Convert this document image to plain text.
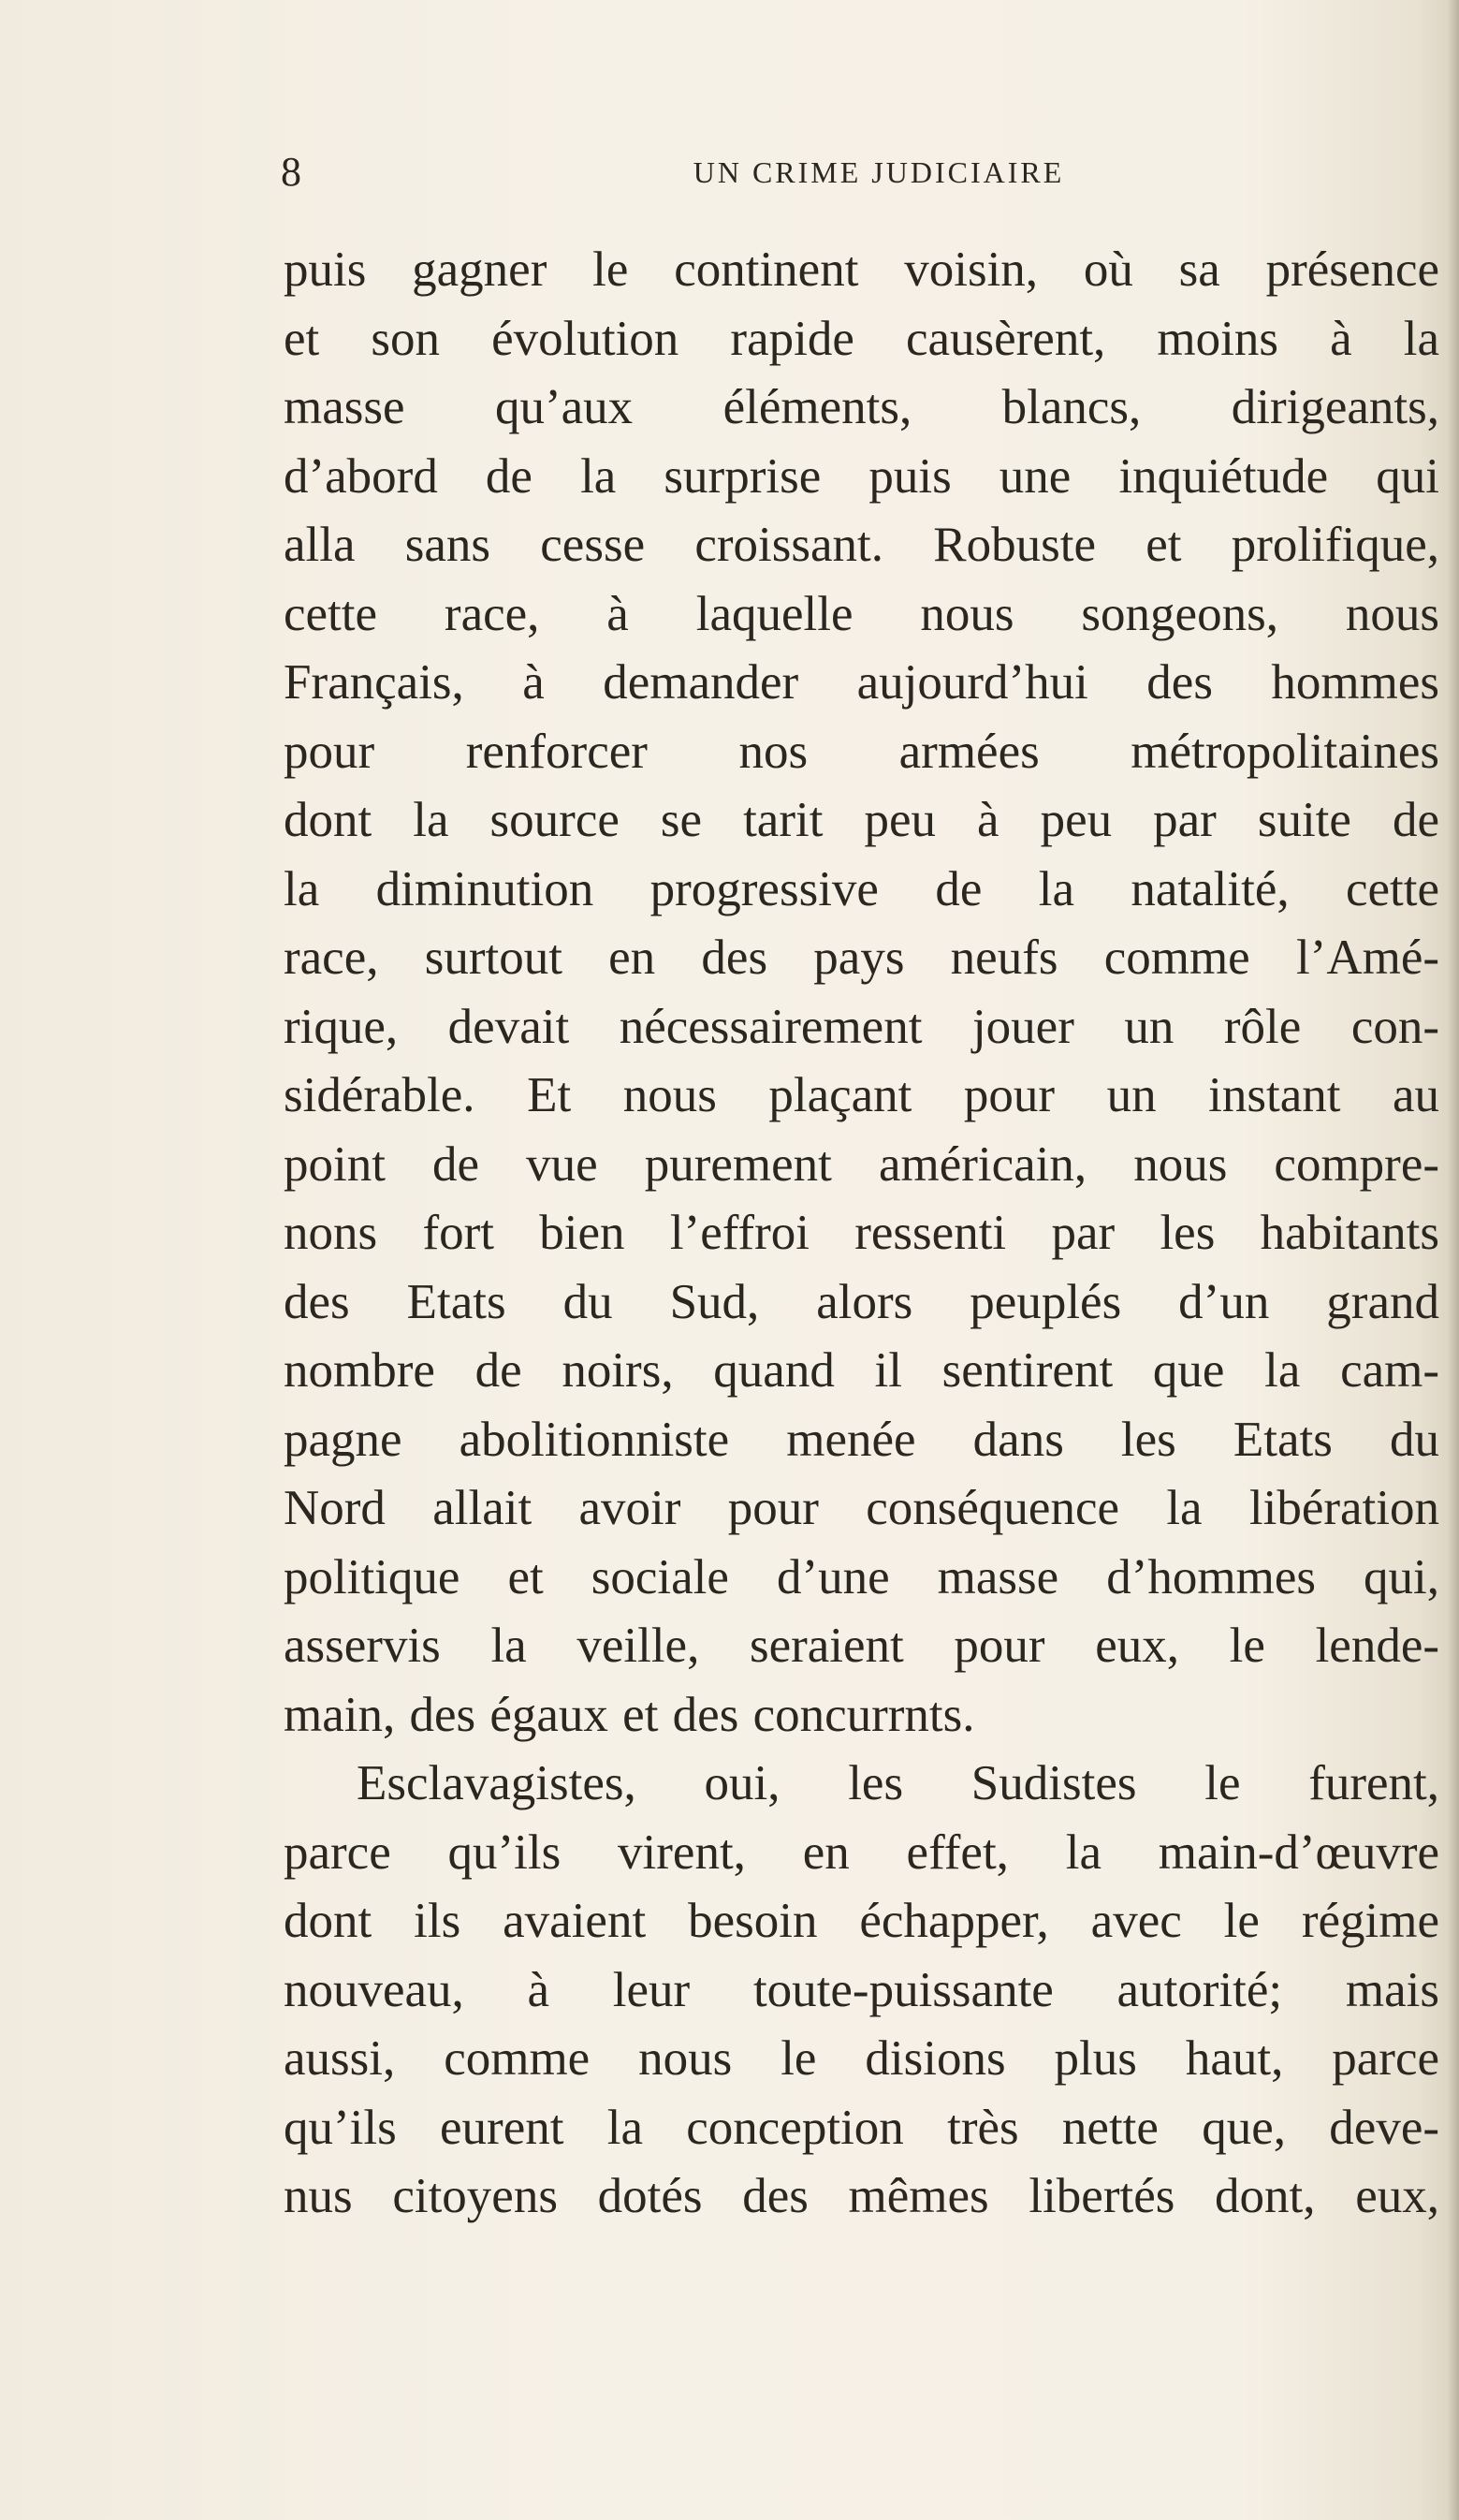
8	UN CRIME JUDICIAIRE
puis gagner le continent voisin, où sa présence
et son évolution rapide causèrent, moins à la
masse qu’aux éléments, blancs, dirigeants,
d’abord de la surprise puis une inquiétude qui
alla sans cesse croissant. Robuste et prolifique,
cette race, à laquelle nous songeons, nous
Français, à demander aujourd’hui des hommes
pour renforcer nos armées métropolitaines
dont la source se tarit peu à peu par suite de
la diminution progressive de la natalité, cette
race, surtout en des pays neufs comme l’Amé-
rique, devait nécessairement jouer un rôle con-
sidérable. Et nous plaçant pour un instant au
point de vue purement américain, nous compre-
nons fort bien l’effroi ressenti par les habitants
des Etats du Sud, alors peuplés d’un grand
nombre de noirs, quand il sentirent que la cam-
pagne abolitionniste menée dans les Etats du
Nord allait avoir pour conséquence la libération
politique et sociale d’une masse d’hommes qui,
asservis la veille, seraient pour eux, le lende-
main, des égaux et des concurrnts.
Esclavagistes, oui, les Sudistes le furent,
parce qu’ils virent, en effet, la main-d’œuvre
dont ils avaient besoin échapper, avec le régime
nouveau, à leur toute-puissante autorité; mais
aussi, comme nous le disions plus haut, parce
qu’ils eurent la conception très nette que, deve-
nus citoyens dotés des mêmes libertés dont, eux,
